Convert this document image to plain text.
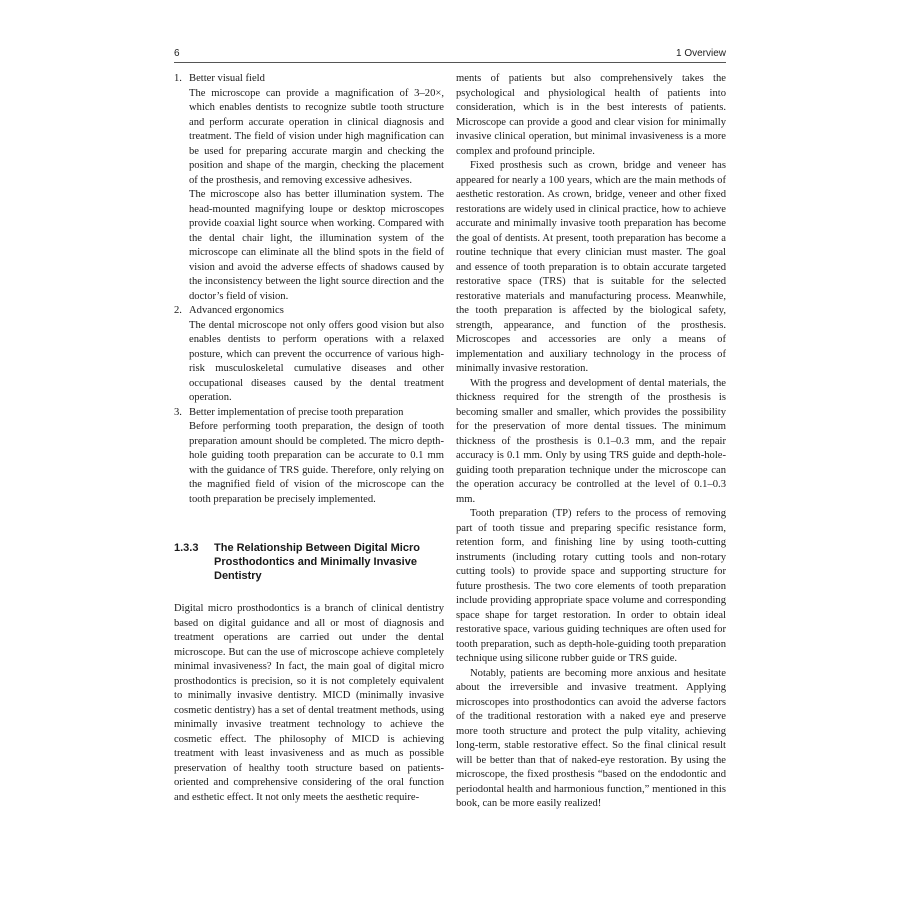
6	1 Overview
1. Better visual field

The microscope can provide a magnification of 3–20×, which enables dentists to recognize subtle tooth structure and perform accurate operation in clinical diagnosis and treatment. The field of vision under high magnification can be used for preparing accurate margin and checking the position and shape of the margin, checking the placement of the prosthesis, and removing excessive adhesives.

The microscope also has better illumination system. The head-mounted magnifying loupe or desktop microscopes provide coaxial light source when working. Compared with the dental chair light, the illumination system of the microscope can eliminate all the blind spots in the field of vision and avoid the adverse effects of shadows caused by the inconsistency between the light source direction and the doctor’s field of vision.

2. Advanced ergonomics

The dental microscope not only offers good vision but also enables dentists to perform operations with a relaxed posture, which can prevent the occurrence of various high-risk musculoskeletal cumulative diseases and other occupational diseases caused by the dental treatment operation.

3. Better implementation of precise tooth preparation

Before performing tooth preparation, the design of tooth preparation amount should be completed. The micro depth-hole guiding tooth preparation can be accurate to 0.1 mm with the guidance of TRS guide. Therefore, only relying on the magnified field of vision of the microscope can the tooth preparation be precisely implemented.

1.3.3	The Relationship Between Digital Micro Prosthodontics and Minimally Invasive Dentistry

Digital micro prosthodontics is a branch of clinical dentistry based on digital guidance and all or most of diagnosis and treatment operations are carried out under the dental microscope. But can the use of microscope achieve completely minimal invasiveness? In fact, the main goal of digital micro prosthodontics is precision, so it is not completely equivalent to minimally invasive dentistry. MICD (minimally invasive cosmetic dentistry) has a set of dental treatment methods, using minimally invasive treatment technology to achieve the cosmetic effect. The philosophy of MICD is achieving treatment with least invasiveness and as much as possible preservation of healthy tooth structure based on patients-oriented and comprehensive considering of the oral function and esthetic effect. It not only meets the aesthetic require-

ments of patients but also comprehensively takes the psychological and physiological health of patients into consideration, which is in the best interests of patients. Microscope can provide a good and clear vision for minimally invasive clinical operation, but minimal invasiveness is a more complex and profound principle.

Fixed prosthesis such as crown, bridge and veneer has appeared for nearly a 100 years, which are the main methods of aesthetic restoration. As crown, bridge, veneer and other fixed restorations are widely used in clinical practice, how to achieve accurate and minimally invasive tooth preparation has become the goal of dentists. At present, tooth preparation has become a routine technique that every clinician must master. The goal and essence of tooth preparation is to obtain accurate targeted restorative space (TRS) that is suitable for the selected restorative materials and manufacturing process. Meanwhile, the tooth preparation is affected by the biological safety, strength, appearance, and function of the prosthesis. Microscopes and accessories are only a means of implementation and auxiliary technology in the process of minimally invasive restoration.

With the progress and development of dental materials, the thickness required for the strength of the prosthesis is becoming smaller and smaller, which provides the possibility for the preservation of more dental tissues. The minimum thickness of the prosthesis is 0.1–0.3 mm, and the repair accuracy is 0.1 mm. Only by using TRS guide and depth-hole-guiding tooth preparation technique under the microscope can the operation accuracy be controlled at the level of 0.1–0.3 mm.

Tooth preparation (TP) refers to the process of removing part of tooth tissue and preparing specific resistance form, retention form, and finishing line by using tooth-cutting instruments (including rotary cutting tools and non-rotary cutting tools) to provide space and supporting structure for future prosthesis. The two core elements of tooth preparation include providing appropriate space volume and corresponding space shape for target restoration. In order to obtain ideal restorative space, various guiding techniques are often used for tooth preparation, such as depth-hole-guiding tooth preparation technique using silicone rubber guide or TRS guide.

Notably, patients are becoming more anxious and hesitate about the irreversible and invasive treatment. Applying microscopes into prosthodontics can avoid the adverse factors of the traditional restoration with a naked eye and preserve more tooth structure and protect the pulp vitality, achieving long-term, stable restorative effect. So the final clinical result will be better than that of naked-eye restoration. By using the microscope, the fixed prosthesis “based on the endodontic and periodontal health and harmonious function,” mentioned in this book, can be more easily realized!
